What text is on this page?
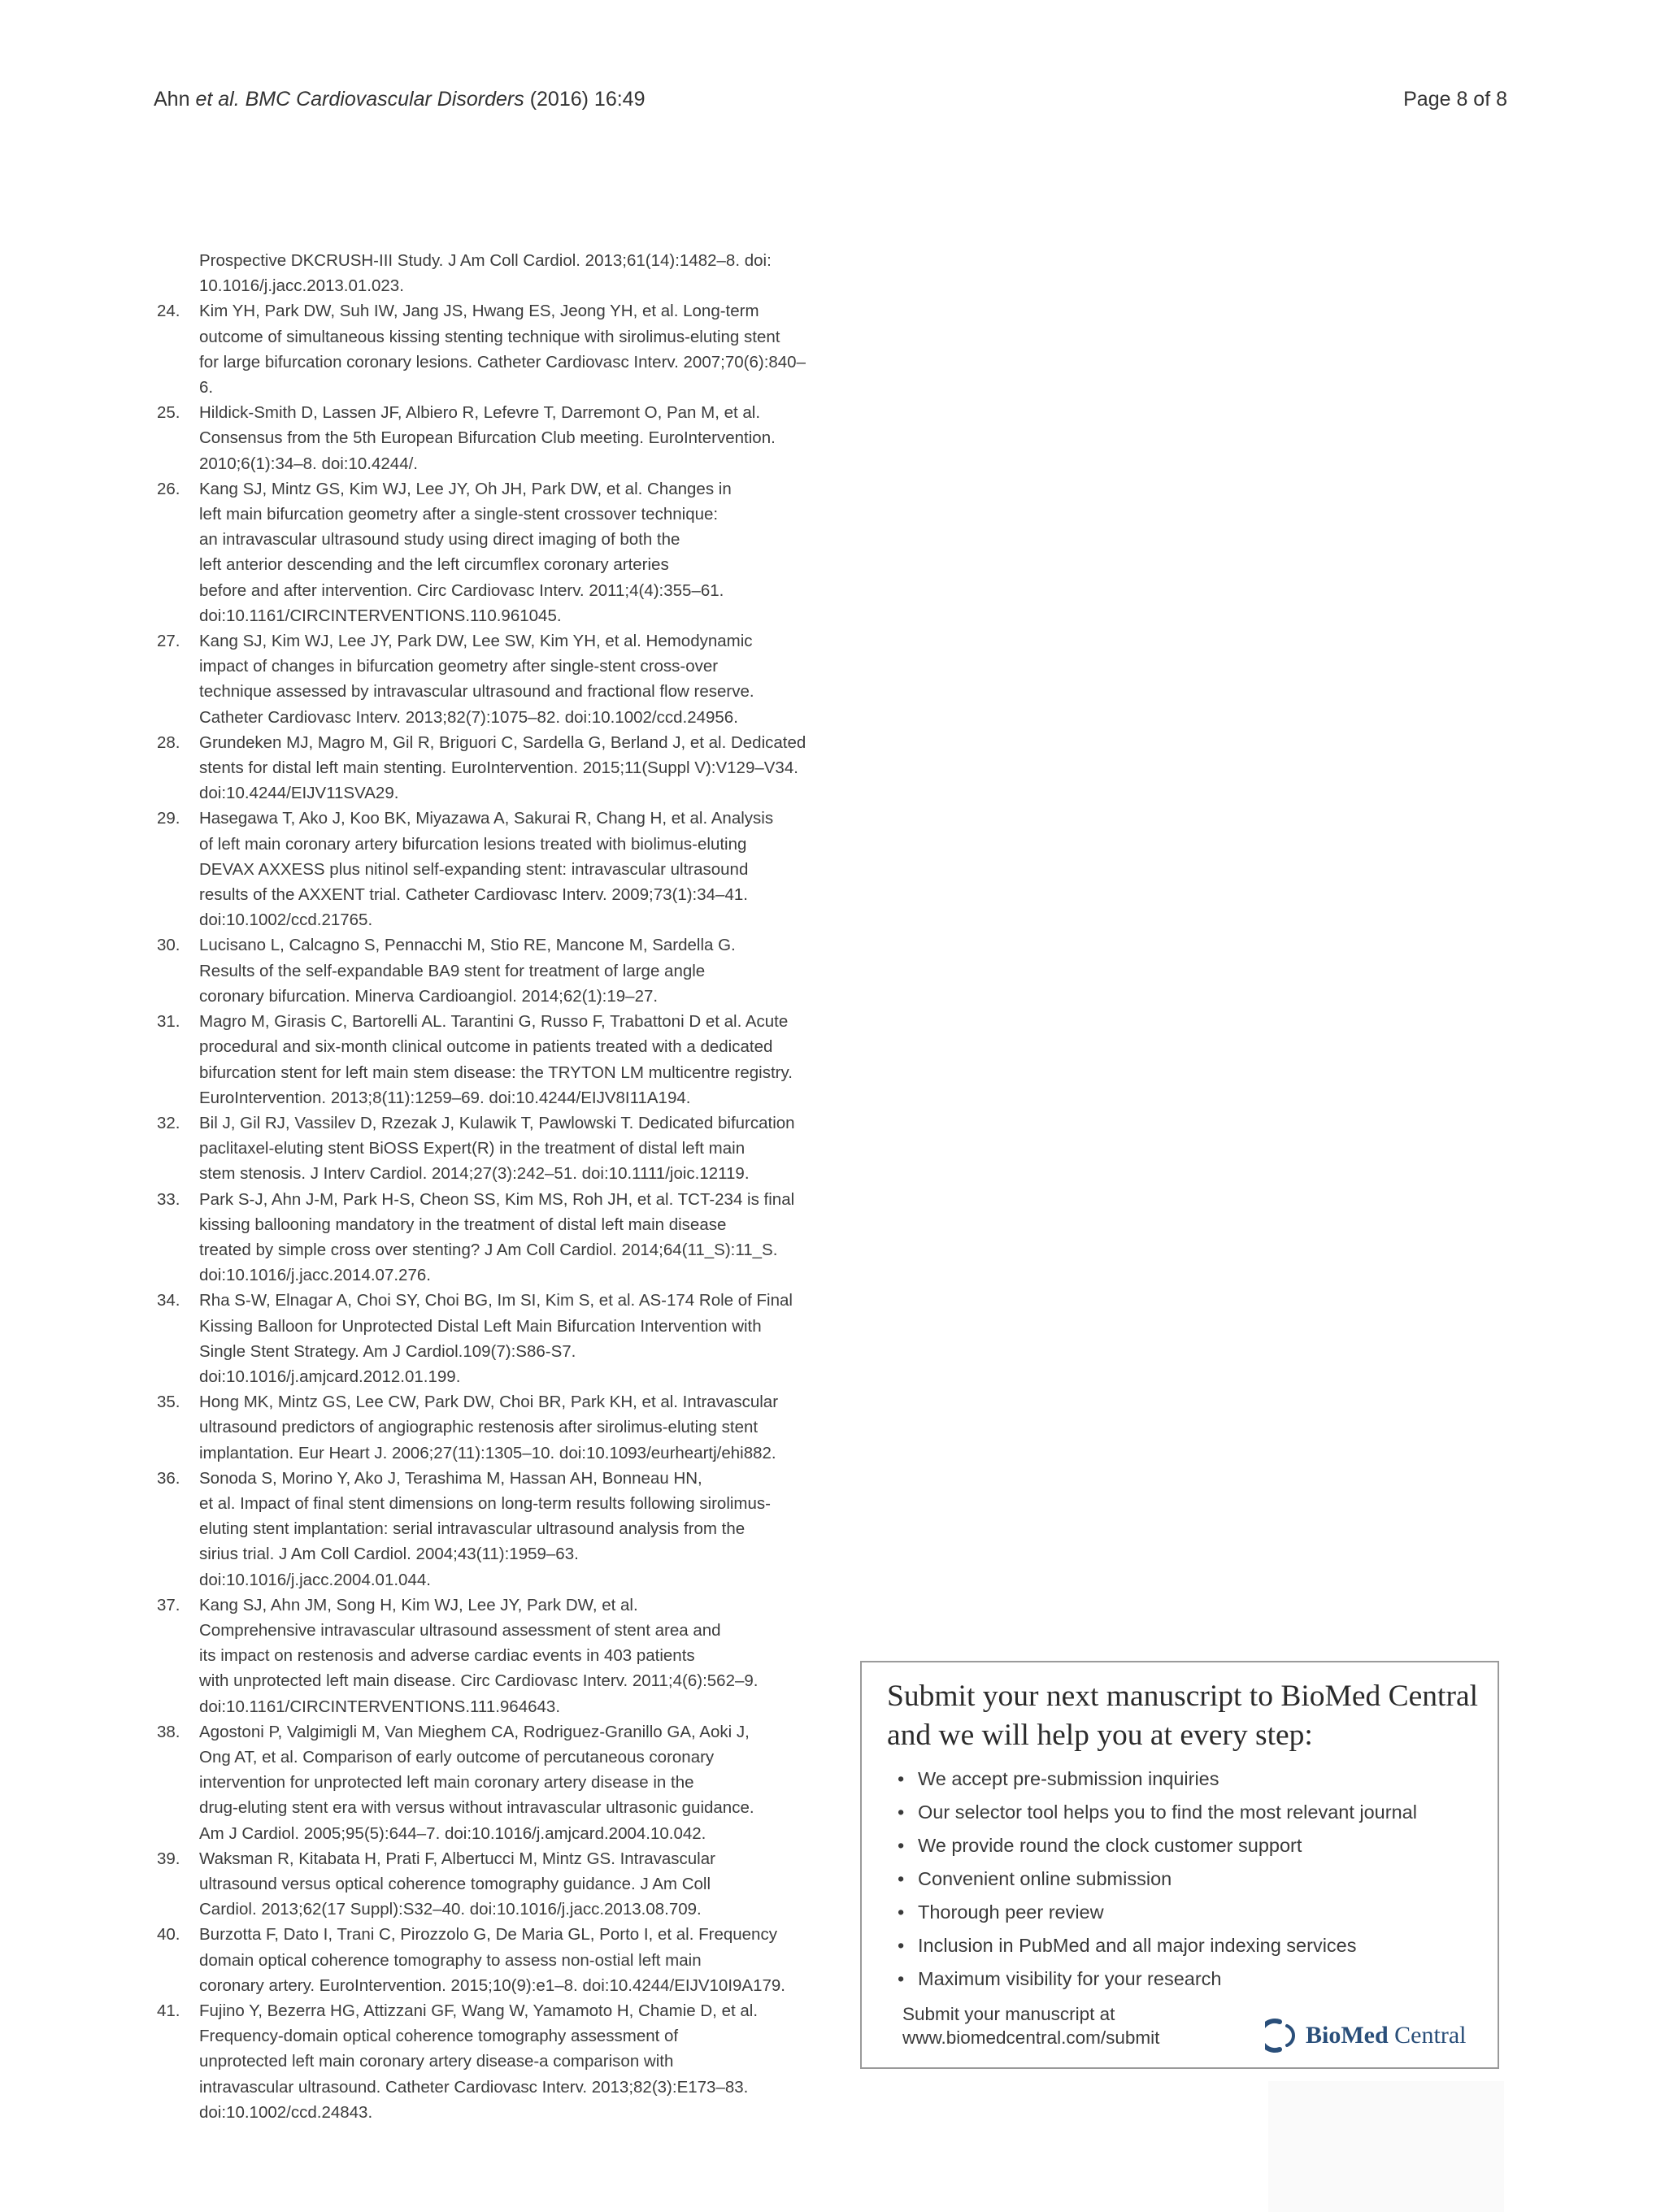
Ahn et al. BMC Cardiovascular Disorders (2016) 16:49	Page 8 of 8
Prospective DKCRUSH-III Study. J Am Coll Cardiol. 2013;61(14):1482–8. doi:
10.1016/j.jacc.2013.01.023.
24.	Kim YH, Park DW, Suh IW, Jang JS, Hwang ES, Jeong YH, et al. Long-term
outcome of simultaneous kissing stenting technique with sirolimus-eluting stent
for large bifurcation coronary lesions. Catheter Cardiovasc Interv. 2007;70(6):840–6.
25.	Hildick-Smith D, Lassen JF, Albiero R, Lefevre T, Darremont O, Pan M, et al.
Consensus from the 5th European Bifurcation Club meeting. EuroIntervention.
2010;6(1):34–8. doi:10.4244/.
26.	Kang SJ, Mintz GS, Kim WJ, Lee JY, Oh JH, Park DW, et al. Changes in
left main bifurcation geometry after a single-stent crossover technique:
an intravascular ultrasound study using direct imaging of both the
left anterior descending and the left circumflex coronary arteries
before and after intervention. Circ Cardiovasc Interv. 2011;4(4):355–61.
doi:10.1161/CIRCINTERVENTIONS.110.961045.
27.	Kang SJ, Kim WJ, Lee JY, Park DW, Lee SW, Kim YH, et al. Hemodynamic
impact of changes in bifurcation geometry after single-stent cross-over
technique assessed by intravascular ultrasound and fractional flow reserve.
Catheter Cardiovasc Interv. 2013;82(7):1075–82. doi:10.1002/ccd.24956.
28.	Grundeken MJ, Magro M, Gil R, Briguori C, Sardella G, Berland J, et al. Dedicated
stents for distal left main stenting. EuroIntervention. 2015;11(Suppl V):V129–V34.
doi:10.4244/EIJV11SVA29.
29.	Hasegawa T, Ako J, Koo BK, Miyazawa A, Sakurai R, Chang H, et al. Analysis
of left main coronary artery bifurcation lesions treated with biolimus-eluting
DEVAX AXXESS plus nitinol self-expanding stent: intravascular ultrasound
results of the AXXENT trial. Catheter Cardiovasc Interv. 2009;73(1):34–41.
doi:10.1002/ccd.21765.
30.	Lucisano L, Calcagno S, Pennacchi M, Stio RE, Mancone M, Sardella G.
Results of the self-expandable BA9 stent for treatment of large angle
coronary bifurcation. Minerva Cardioangiol. 2014;62(1):19–27.
31.	Magro M, Girasis C, Bartorelli AL. Tarantini G, Russo F, Trabattoni D et al. Acute
procedural and six-month clinical outcome in patients treated with a dedicated
bifurcation stent for left main stem disease: the TRYTON LM multicentre registry.
EuroIntervention. 2013;8(11):1259–69. doi:10.4244/EIJV8I11A194.
32.	Bil J, Gil RJ, Vassilev D, Rzezak J, Kulawik T, Pawlowski T. Dedicated bifurcation
paclitaxel-eluting stent BiOSS Expert(R) in the treatment of distal left main
stem stenosis. J Interv Cardiol. 2014;27(3):242–51. doi:10.1111/joic.12119.
33.	Park S-J, Ahn J-M, Park H-S, Cheon SS, Kim MS, Roh JH, et al. TCT-234 is final
kissing ballooning mandatory in the treatment of distal left main disease
treated by simple cross over stenting? J Am Coll Cardiol. 2014;64(11_S):11_S.
doi:10.1016/j.jacc.2014.07.276.
34.	Rha S-W, Elnagar A, Choi SY, Choi BG, Im SI, Kim S, et al. AS-174 Role of Final
Kissing Balloon for Unprotected Distal Left Main Bifurcation Intervention with
Single Stent Strategy. Am J Cardiol.109(7):S86-S7. doi:10.1016/j.amjcard.2012.01.199.
35.	Hong MK, Mintz GS, Lee CW, Park DW, Choi BR, Park KH, et al. Intravascular
ultrasound predictors of angiographic restenosis after sirolimus-eluting stent
implantation. Eur Heart J. 2006;27(11):1305–10. doi:10.1093/eurheartj/ehi882.
36.	Sonoda S, Morino Y, Ako J, Terashima M, Hassan AH, Bonneau HN,
et al. Impact of final stent dimensions on long-term results following sirolimus-
eluting stent implantation: serial intravascular ultrasound analysis from the
sirius trial. J Am Coll Cardiol. 2004;43(11):1959–63. doi:10.1016/j.jacc.2004.01.044.
37.	Kang SJ, Ahn JM, Song H, Kim WJ, Lee JY, Park DW, et al.
Comprehensive intravascular ultrasound assessment of stent area and
its impact on restenosis and adverse cardiac events in 403 patients
with unprotected left main disease. Circ Cardiovasc Interv. 2011;4(6):562–9.
doi:10.1161/CIRCINTERVENTIONS.111.964643.
38.	Agostoni P, Valgimigli M, Van Mieghem CA, Rodriguez-Granillo GA, Aoki J,
Ong AT, et al. Comparison of early outcome of percutaneous coronary
intervention for unprotected left main coronary artery disease in the
drug-eluting stent era with versus without intravascular ultrasonic guidance.
Am J Cardiol. 2005;95(5):644–7. doi:10.1016/j.amjcard.2004.10.042.
39.	Waksman R, Kitabata H, Prati F, Albertucci M, Mintz GS. Intravascular
ultrasound versus optical coherence tomography guidance. J Am Coll
Cardiol. 2013;62(17 Suppl):S32–40. doi:10.1016/j.jacc.2013.08.709.
40.	Burzotta F, Dato I, Trani C, Pirozzolo G, De Maria GL, Porto I, et al. Frequency
domain optical coherence tomography to assess non-ostial left main
coronary artery. EuroIntervention. 2015;10(9):e1–8. doi:10.4244/EIJV10I9A179.
41.	Fujino Y, Bezerra HG, Attizzani GF, Wang W, Yamamoto H, Chamie D, et al.
Frequency-domain optical coherence tomography assessment of
unprotected left main coronary artery disease-a comparison with
intravascular ultrasound. Catheter Cardiovasc Interv. 2013;82(3):E173–83.
doi:10.1002/ccd.24843.
Submit your next manuscript to BioMed Central
and we will help you at every step:
• We accept pre-submission inquiries
• Our selector tool helps you to find the most relevant journal
• We provide round the clock customer support
• Convenient online submission
• Thorough peer review
• Inclusion in PubMed and all major indexing services
• Maximum visibility for your research
Submit your manuscript at
www.biomedcentral.com/submit	BioMed Central
